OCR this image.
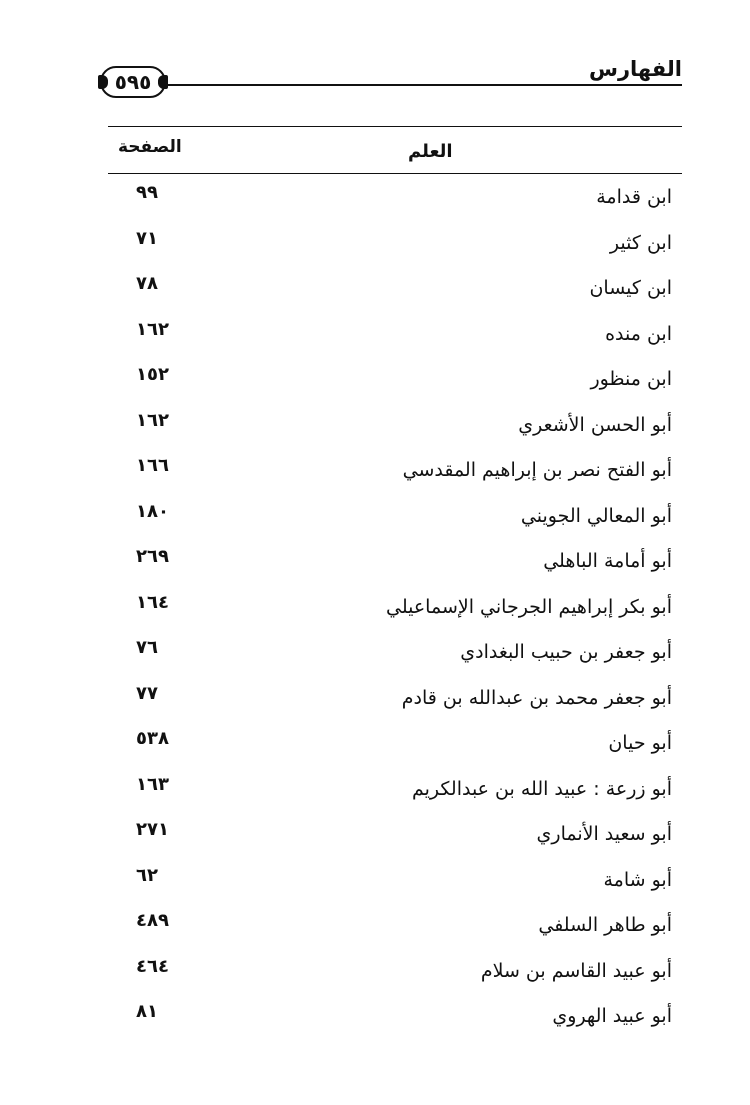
الفهارس
٥٩٥
الصفحة	العلم
ابن قدامة
٩٩
ابن كثير
٧١
ابن كيسان
٧٨
ابن منده
١٦٢
ابن منظور
١٥٢
أبو الحسن الأشعري
١٦٢
أبو الفتح نصر بن إبراهيم المقدسي
١٦٦
أبو المعالي الجويني
١٨٠
أبو أمامة الباهلي
٢٦٩
أبو بكر إبراهيم الجرجاني الإسماعيلي
١٦٤
أبو جعفر بن حبيب البغدادي
٧٦
أبو جعفر محمد بن عبدالله بن قادم
٧٧
أبو حيان
٥٣٨
أبو زرعة : عبيد الله بن عبدالكريم
١٦٣
أبو سعيد الأنماري
٢٧١
أبو شامة
٦٢
أبو طاهر السلفي
٤٨٩
أبو عبيد القاسم بن سلام
٤٦٤
أبو عبيد الهروي
٨١
